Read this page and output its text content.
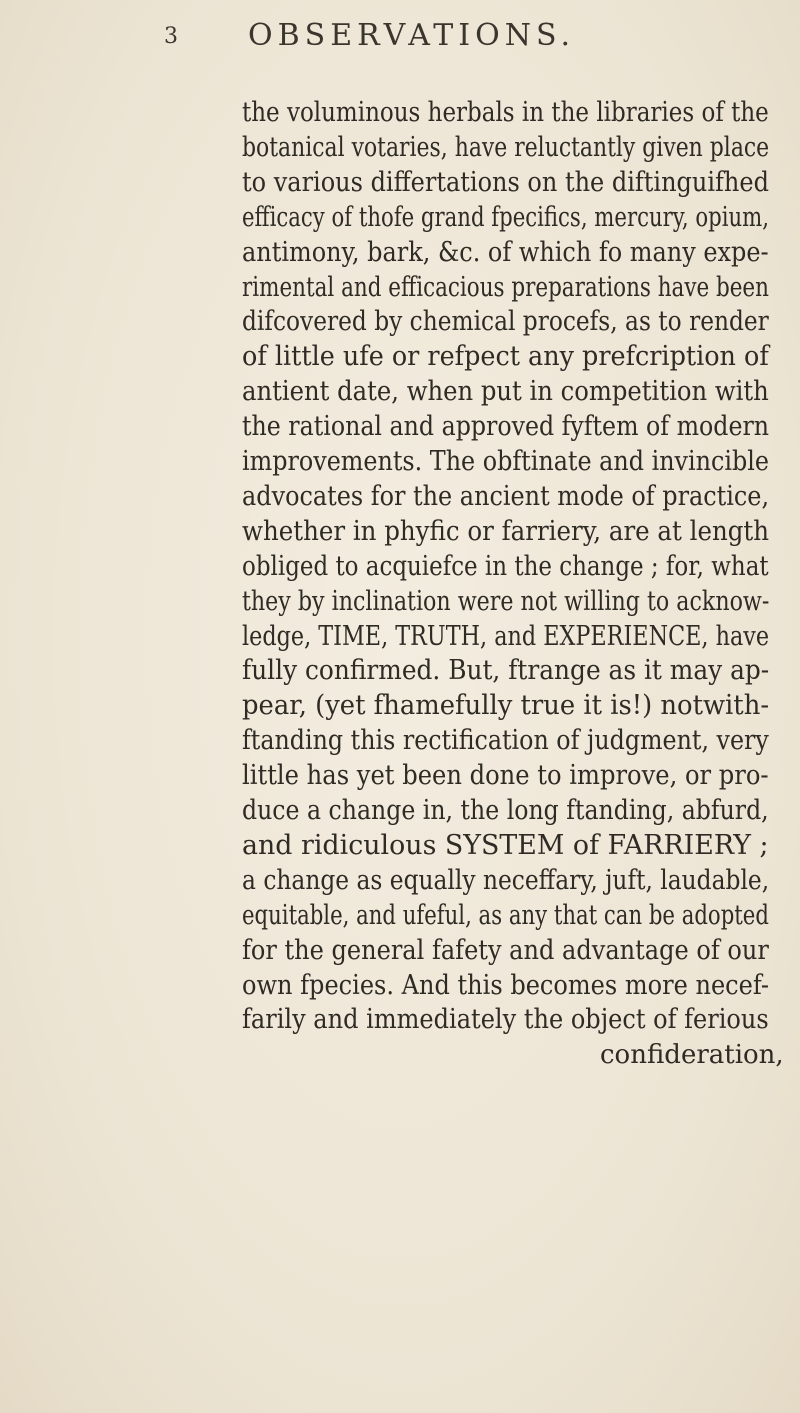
3 OBSERVATIONS.
the voluminous herbals in the libraries of the
botanical votaries, have reluctantly given place
to various differtations on the diftinguifhed
efficacy of thofe grand fpecifics, mercury, opium,
antimony, bark, &c. of which fo many expe-
rimental and efficacious preparations have been
difcovered by chemical procefs, as to render
of little ufe or refpect any prefcription of
antient date, when put in competition with
the rational and approved fyftem of modern
improvements. The obftinate and invincible
advocates for the ancient mode of practice,
whether in phyfic or farriery, are at length
obliged to acquiefce in the change ; for, what
they by inclination were not willing to acknow-
ledge, TIME, TRUTH, and EXPERIENCE, have
fully confirmed. But, ftrange as it may ap-
pear, (yet fhamefully true it is!) notwith-
ftanding this rectification of judgment, very
little has yet been done to improve, or pro-
duce a change in, the long ftanding, abfurd,
and ridiculous SYSTEM of FARRIERY ;
a change as equally neceffary, juft, laudable,
equitable, and ufeful, as any that can be adopted
for the general fafety and advantage of our
own fpecies. And this becomes more necef-
farily and immediately the object of ferious
confideration,
